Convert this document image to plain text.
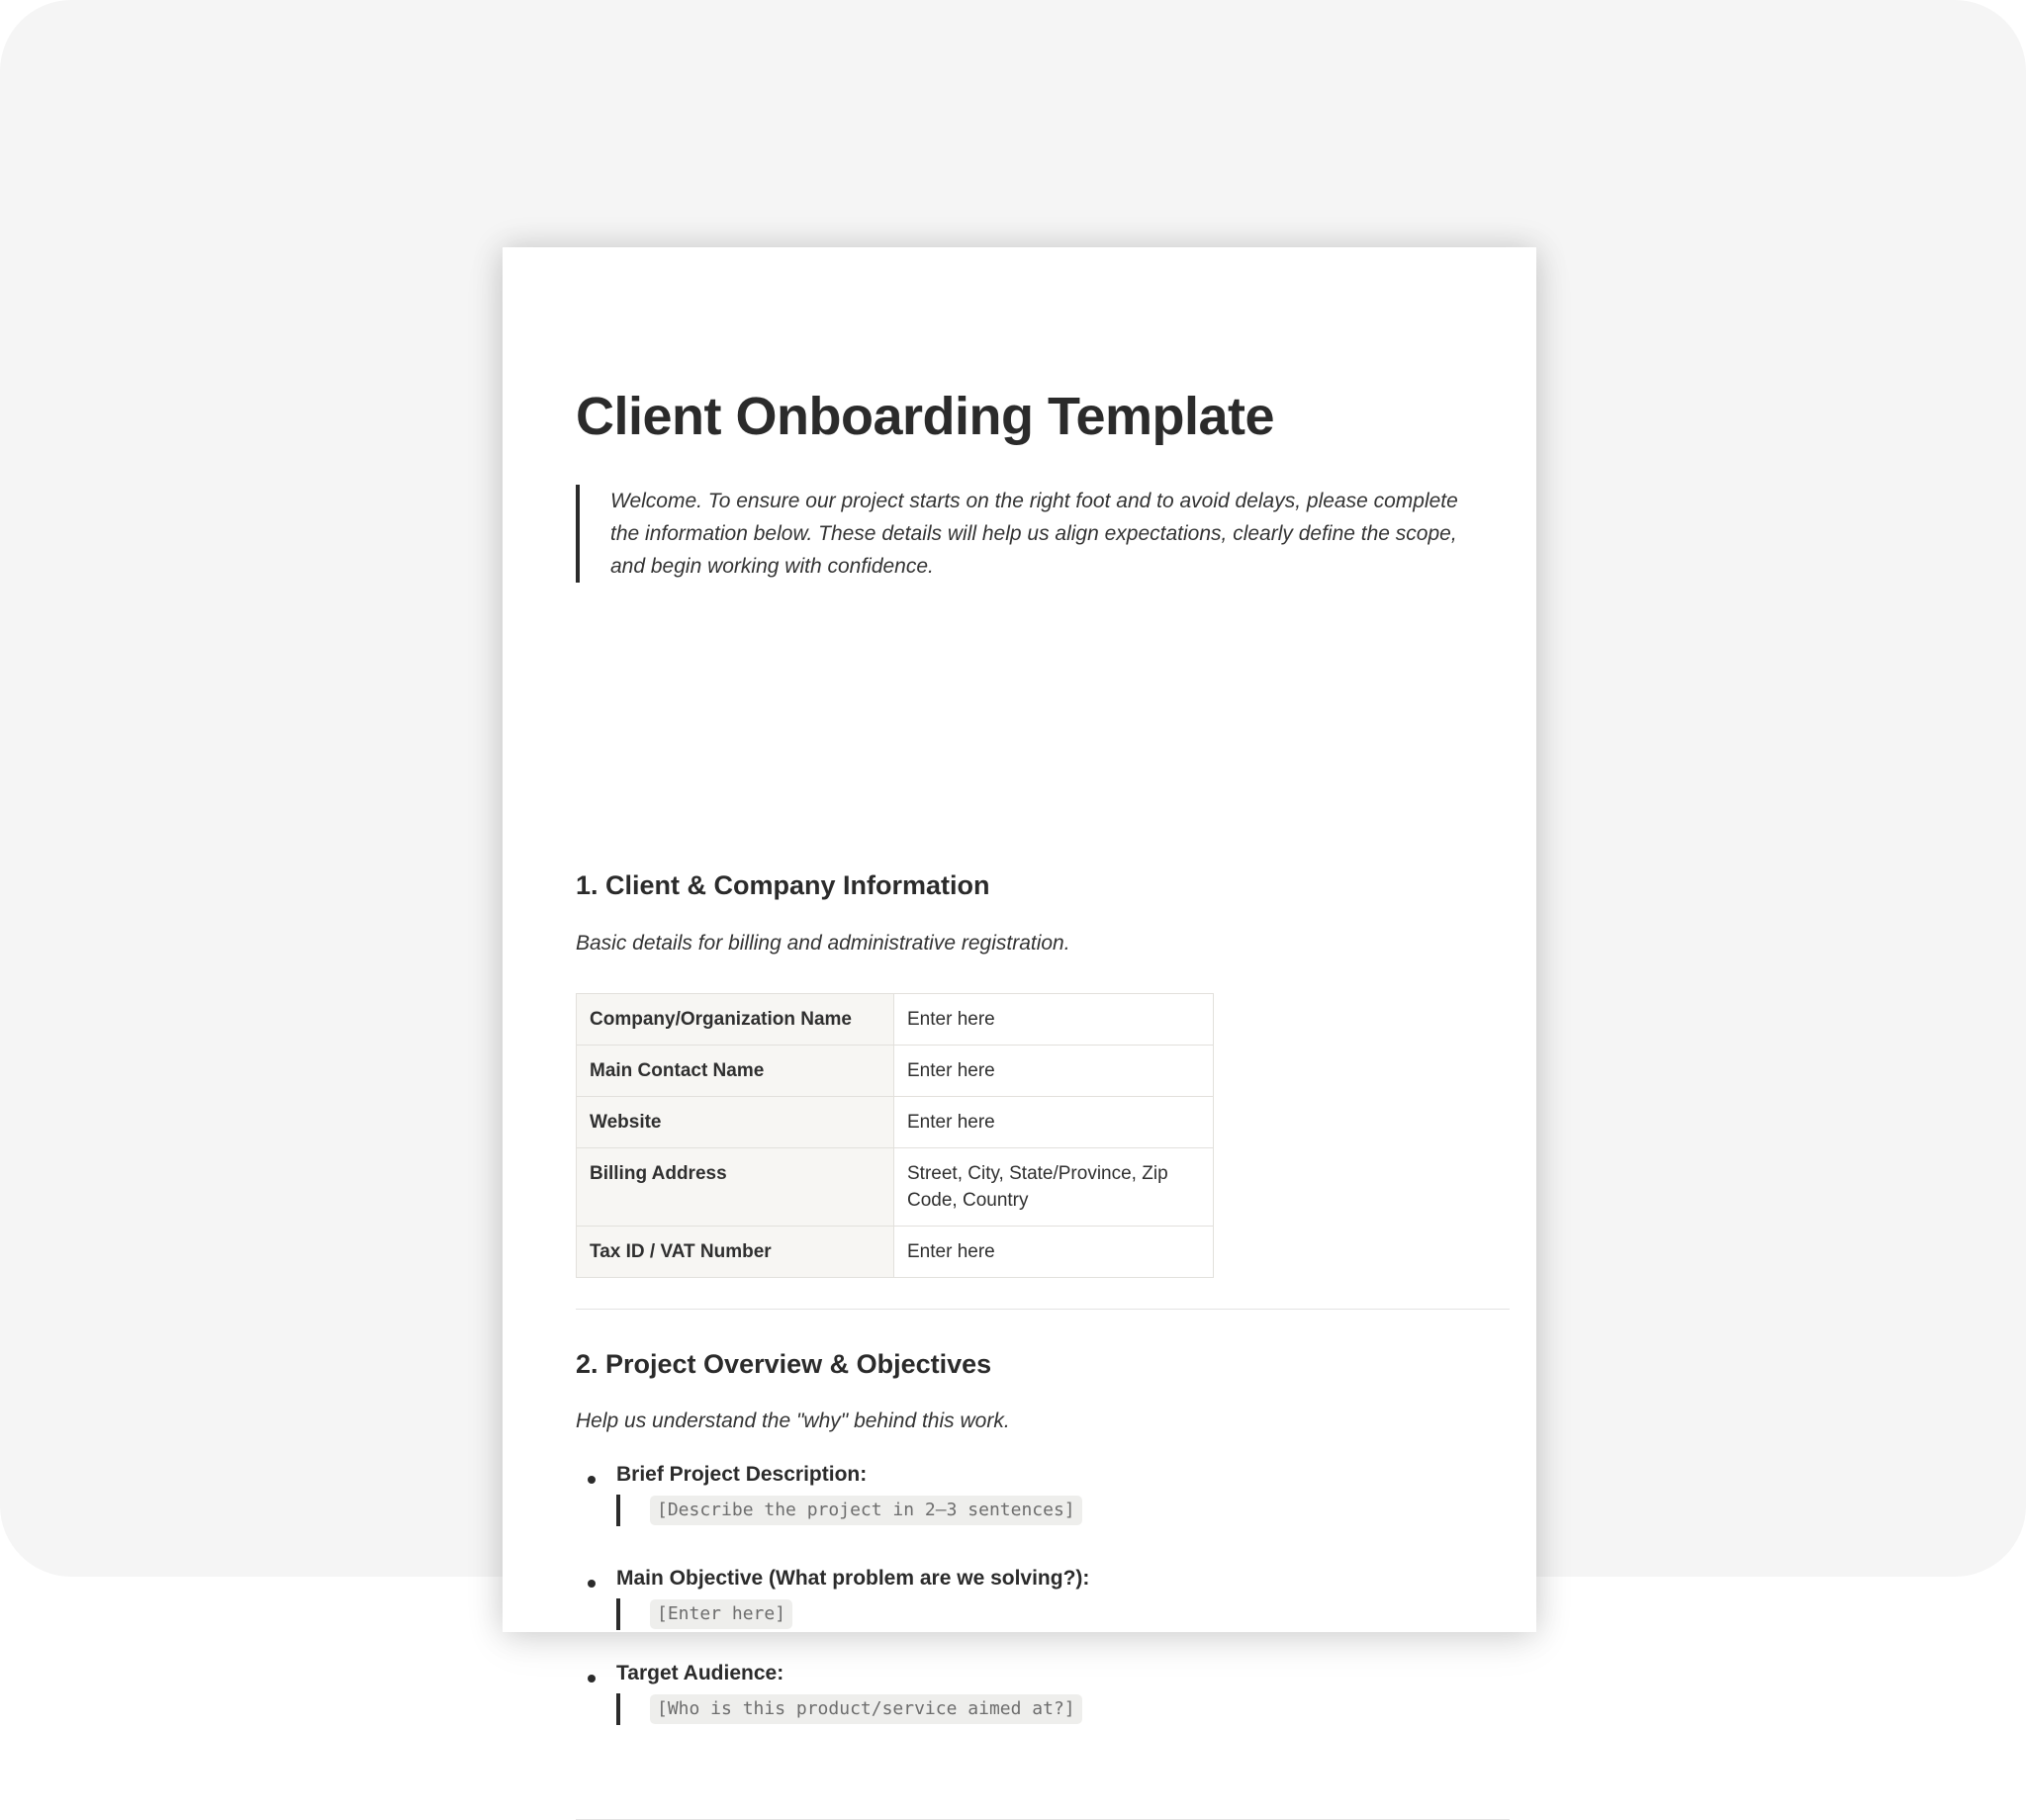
Client Onboarding Template
Welcome. To ensure our project starts on the right foot and to avoid delays, please complete the information below. These details will help us align expectations, clearly define the scope, and begin working with confidence.
1. Client & Company Information
Basic details for billing and administrative registration.
Company/Organization Name	Enter here
Main Contact Name	Enter here
Website	Enter here
Billing Address	Street, City, State/Province, Zip Code, Country
Tax ID / VAT Number	Enter here
2. Project Overview & Objectives
Help us understand the "why" behind this work.
Brief Project Description:
[Describe the project in 2–3 sentences]
Main Objective (What problem are we solving?):
[Enter here]
Target Audience:
[Who is this product/service aimed at?]
